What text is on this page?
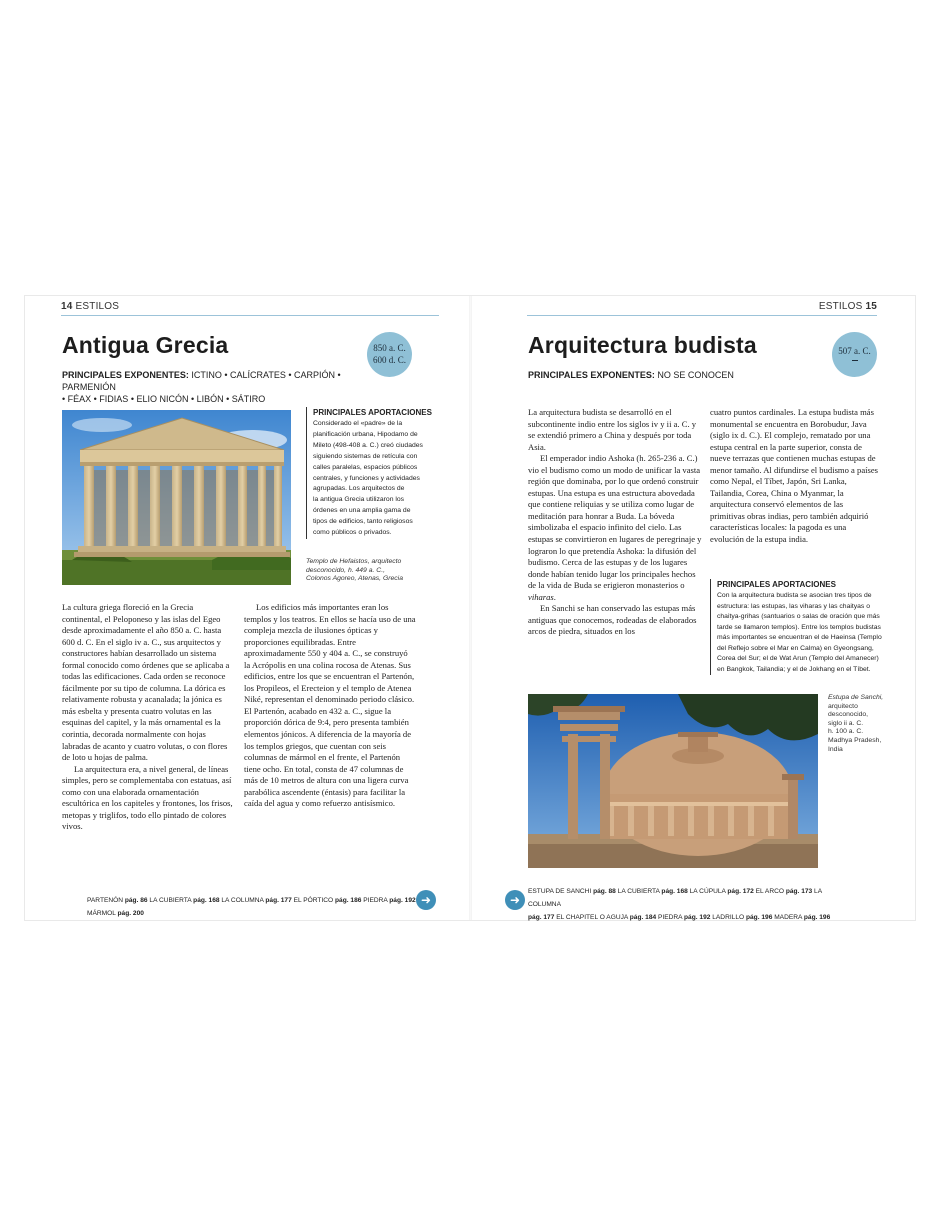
14 ESTILOS
Antigua Grecia	850 a. C.
600 d. C.
PRINCIPALES EXPONENTES: ICTINO • CALÍCRATES • CARPIÓN • PARMENIÓN
• FÉAX • FIDIAS • ELIO NICÓN • LIBÓN • SÁTIRO
PRINCIPALES APORTACIONES
Considerado el «padre» de la
planificación urbana, Hipodamo de
Mileto (498-408 a. C.) creó ciudades
siguiendo sistemas de retícula con
calles paralelas, espacios públicos
centrales, y funciones y actividades
agrupadas. Los arquitectos de
la antigua Grecia utilizaron los
órdenes en una amplia gama de
tipos de edificios, tanto religiosos
como públicos o privados.
Templo de Hefaistos, arquitecto
desconocido, h. 449 a. C.,
Colonos Agoreo, Atenas, Grecia

La cultura griega floreció en la Grecia continental, el Peloponeso y las islas del Egeo desde aproximadamente el año 850 a. C. hasta 600 d. C. En el siglo iv a. C., sus arquitectos y constructores habían desarrollado un sistema formal conocido como órdenes que se aplicaba a todas las edificaciones. Cada orden se reconoce fácilmente por su tipo de columna. La dórica es relativamente robusta y acanalada; la jónica es más esbelta y presenta cuatro volutas en las esquinas del capitel, y la más ornamental es la corintia, decorada normalmente con hojas labradas de acanto y cuatro volutas, o con flores de loto u hojas de palma.

La arquitectura era, a nivel general, de líneas simples, pero se complementaba con estatuas, así como con una elaborada ornamentación escultórica en los capiteles y frontones, los frisos, metopas y triglifos, todo ello pintado de colores vivos.

Los edificios más importantes eran los templos y los teatros. En ellos se hacía uso de una compleja mezcla de ilusiones ópticas y proporciones equilibradas. Entre aproximadamente 550 y 404 a. C., se construyó la Acrópolis en una colina rocosa de Atenas. Sus edificios, entre los que se encuentran el Partenón, los Propileos, el Erecteion y el templo de Atenea Niké, representan el denominado periodo clásico. El Partenón, acabado en 432 a. C., sigue la proporción dórica de 9:4, pero presenta también elementos jónicos. A diferencia de la mayoría de los templos griegos, que cuentan con seis columnas de mármol en el frente, el Partenón tiene ocho. En total, consta de 47 columnas de más de 10 metros de altura con una ligera curva parabólica ascendente (éntasis) para facilitar la caída del agua y como refuerzo antisísmico.

PARTENÓN pág. 86 LA CUBIERTA pág. 168 LA COLUMNA pág. 177 EL PÓRTICO pág. 186 PIEDRA pág. 192 MÁRMOL pág. 200
➜
ESTILOS 15
Arquitectura budista	507 a. C.
PRINCIPALES EXPONENTES: NO SE CONOCEN

La arquitectura budista se desarrolló en el subcontinente indio entre los siglos iv y ii a. C. y se extendió primero a China y después por toda Asia.

El emperador indio Ashoka (h. 265-236 a. C.) vio el budismo como un modo de unificar la vasta región que dominaba, por lo que ordenó construir estupas. Una estupa es una estructura abovedada que contiene reliquias y se utiliza como lugar de meditación para honrar a Buda. La bóveda simbolizaba el espacio infinito del cielo. Las estupas se convirtieron en lugares de peregrinaje y lograron lo que pretendía Ashoka: la difusión del budismo. Cerca de las estupas y de los lugares donde habían tenido lugar los principales hechos de la vida de Buda se erigieron monasterios o viharas.

En Sanchi se han conservado las estupas más antiguas que conocemos, rodeadas de elaborados arcos de piedra, situados en los

cuatro puntos cardinales. La estupa budista más monumental se encuentra en Borobudur, Java (siglo ix d. C.). El complejo, rematado por una estupa central en la parte superior, consta de nueve terrazas que contienen muchas estupas de menor tamaño. Al difundirse el budismo a países como Nepal, el Tíbet, Japón, Sri Lanka, Tailandia, Corea, China o Myanmar, la arquitectura conservó elementos de las primitivas obras indias, pero también adquirió características locales: la pagoda es una evolución de la estupa india.

PRINCIPALES APORTACIONES
Con la arquitectura budista se asocian tres tipos de
estructura: las estupas, las viharas y las chaityas o
chaitya-grihas (santuarios o salas de oración que más
tarde se llamaron templos). Entre los templos budistas
más importantes se encuentran el de Haeinsa (Templo
del Reflejo sobre el Mar en Calma) en Gyeongsang,
Corea del Sur; el de Wat Arun (Templo del Amanecer)
en Bangkok, Tailandia; y el de Jokhang en el Tíbet.
Estupa de Sanchi,
arquitecto
desconocido,
siglo ii a. C.
h. 100 a. C.
Madhya Pradesh,
India
➜
ESTUPA DE SANCHI pág. 88 LA CUBIERTA pág. 168 LA CÚPULA pág. 172 EL ARCO pág. 173 LA COLUMNA
pág. 177 EL CHAPITEL O AGUJA pág. 184 PIEDRA pág. 192 LADRILLO pág. 196 MADERA pág. 196
